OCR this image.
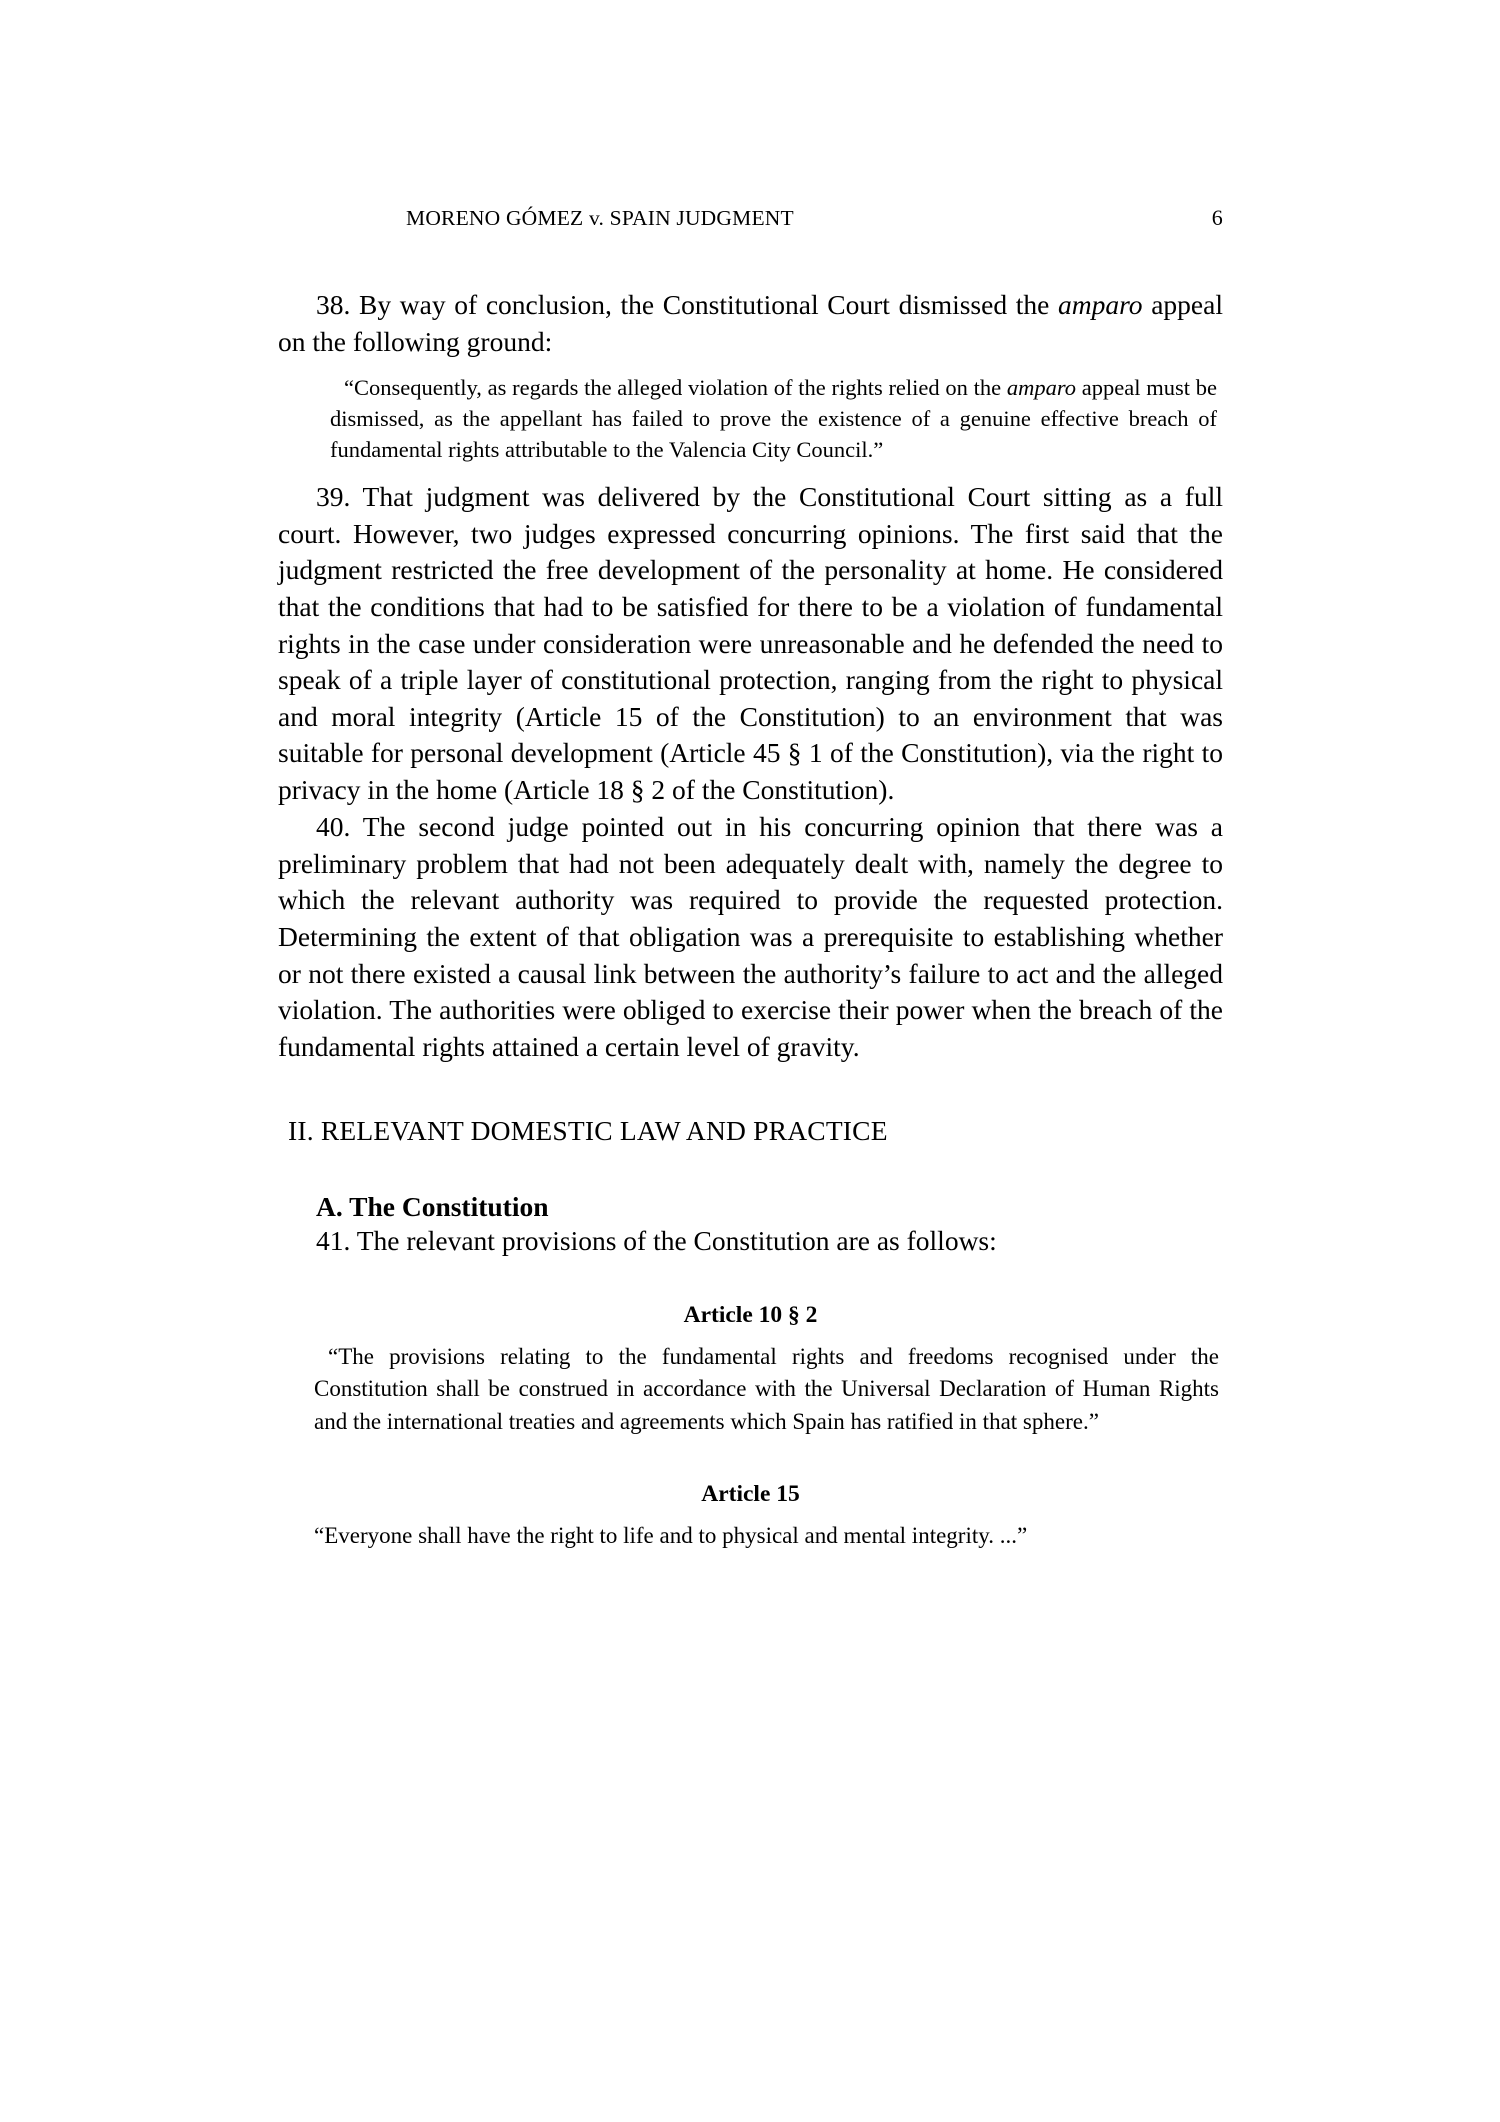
MORENO GÓMEZ v. SPAIN JUDGMENT	6

38. By way of conclusion, the Constitutional Court dismissed the amparo appeal on the following ground:

“Consequently, as regards the alleged violation of the rights relied on the amparo appeal must be dismissed, as the appellant has failed to prove the existence of a genuine effective breach of fundamental rights attributable to the Valencia City Council.”

39. That judgment was delivered by the Constitutional Court sitting as a full court. However, two judges expressed concurring opinions. The first said that the judgment restricted the free development of the personality at home. He considered that the conditions that had to be satisfied for there to be a violation of fundamental rights in the case under consideration were unreasonable and he defended the need to speak of a triple layer of constitutional protection, ranging from the right to physical and moral integrity (Article 15 of the Constitution) to an environment that was suitable for personal development (Article 45 § 1 of the Constitution), via the right to privacy in the home (Article 18 § 2 of the Constitution).

40. The second judge pointed out in his concurring opinion that there was a preliminary problem that had not been adequately dealt with, namely the degree to which the relevant authority was required to provide the requested protection. Determining the extent of that obligation was a prerequisite to establishing whether or not there existed a causal link between the authority’s failure to act and the alleged violation. The authorities were obliged to exercise their power when the breach of the fundamental rights attained a certain level of gravity.

II. RELEVANT DOMESTIC LAW AND PRACTICE
A. The Constitution

41. The relevant provisions of the Constitution are as follows:

Article 10 § 2
“The provisions relating to the fundamental rights and freedoms recognised under the Constitution shall be construed in accordance with the Universal Declaration of Human Rights and the international treaties and agreements which Spain has ratified in that sphere.”
Article 15
“Everyone shall have the right to life and to physical and mental integrity. ...”
